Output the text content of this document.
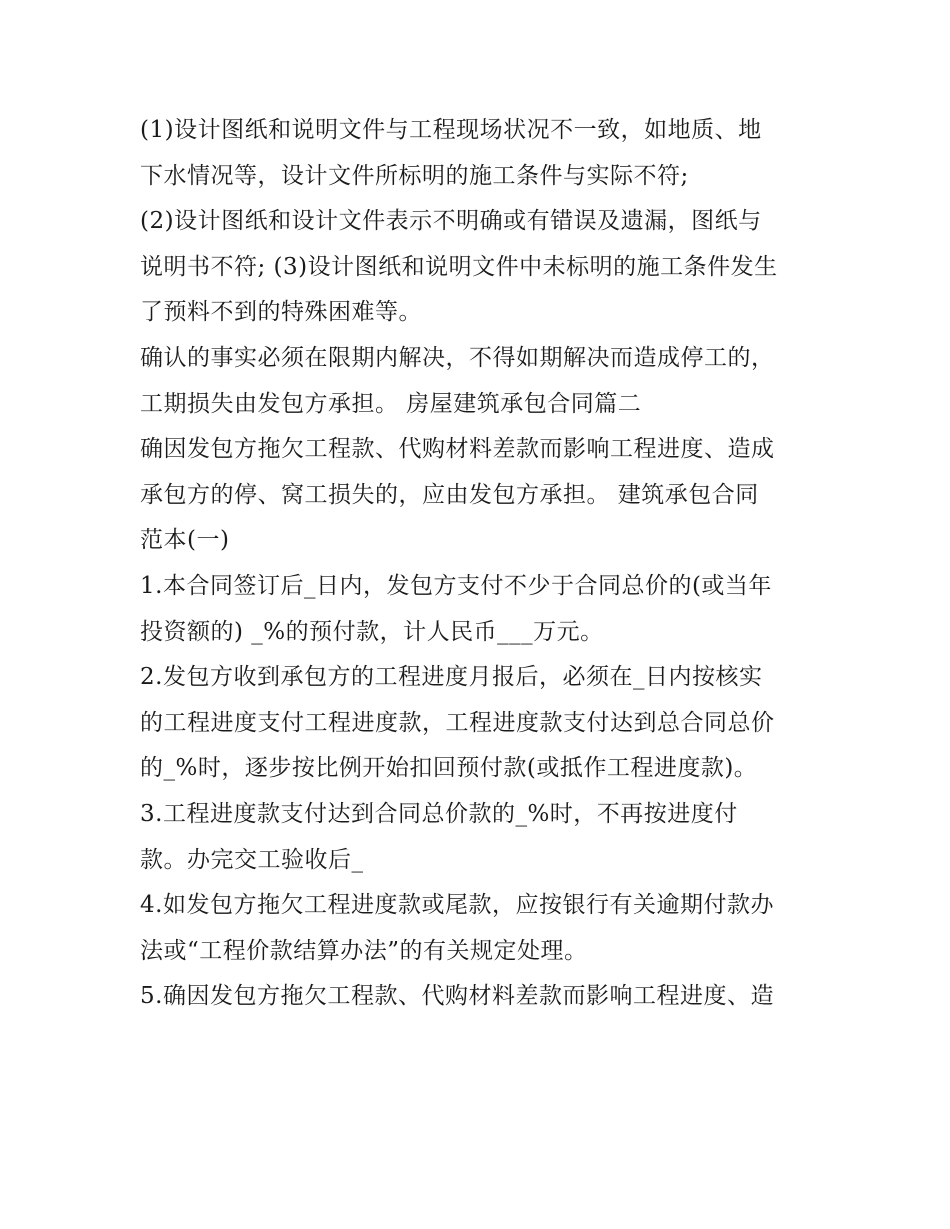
(1)设计图纸和说明文件与工程现场状况不一致，如地质、地

下水情况等，设计文件所标明的施工条件与实际不符;

(2)设计图纸和设计文件表示不明确或有错误及遗漏，图纸与

说明书不符; (3)设计图纸和说明文件中未标明的施工条件发生

了预料不到的特殊困难等。

确认的事实必须在限期内解决，不得如期解决而造成停工的，

工期损失由发包方承担。 房屋建筑承包合同篇二

确因发包方拖欠工程款、代购材料差款而影响工程进度、造成

承包方的停、窝工损失的，应由发包方承担。 建筑承包合同

范本(一)

1.本合同签订后_日内，发包方支付不少于合同总价的(或当年

投资额的) _%的预付款，计人民币___万元。

2.发包方收到承包方的工程进度月报后，必须在_日内按核实

的工程进度支付工程进度款，工程进度款支付达到总合同总价

的_%时，逐步按比例开始扣回预付款(或抵作工程进度款)。

3.工程进度款支付达到合同总价款的_%时，不再按进度付

款。办完交工验收后_

4.如发包方拖欠工程进度款或尾款，应按银行有关逾期付款办

法或“工程价款结算办法”的有关规定处理。

5.确因发包方拖欠工程款、代购材料差款而影响工程进度、造
